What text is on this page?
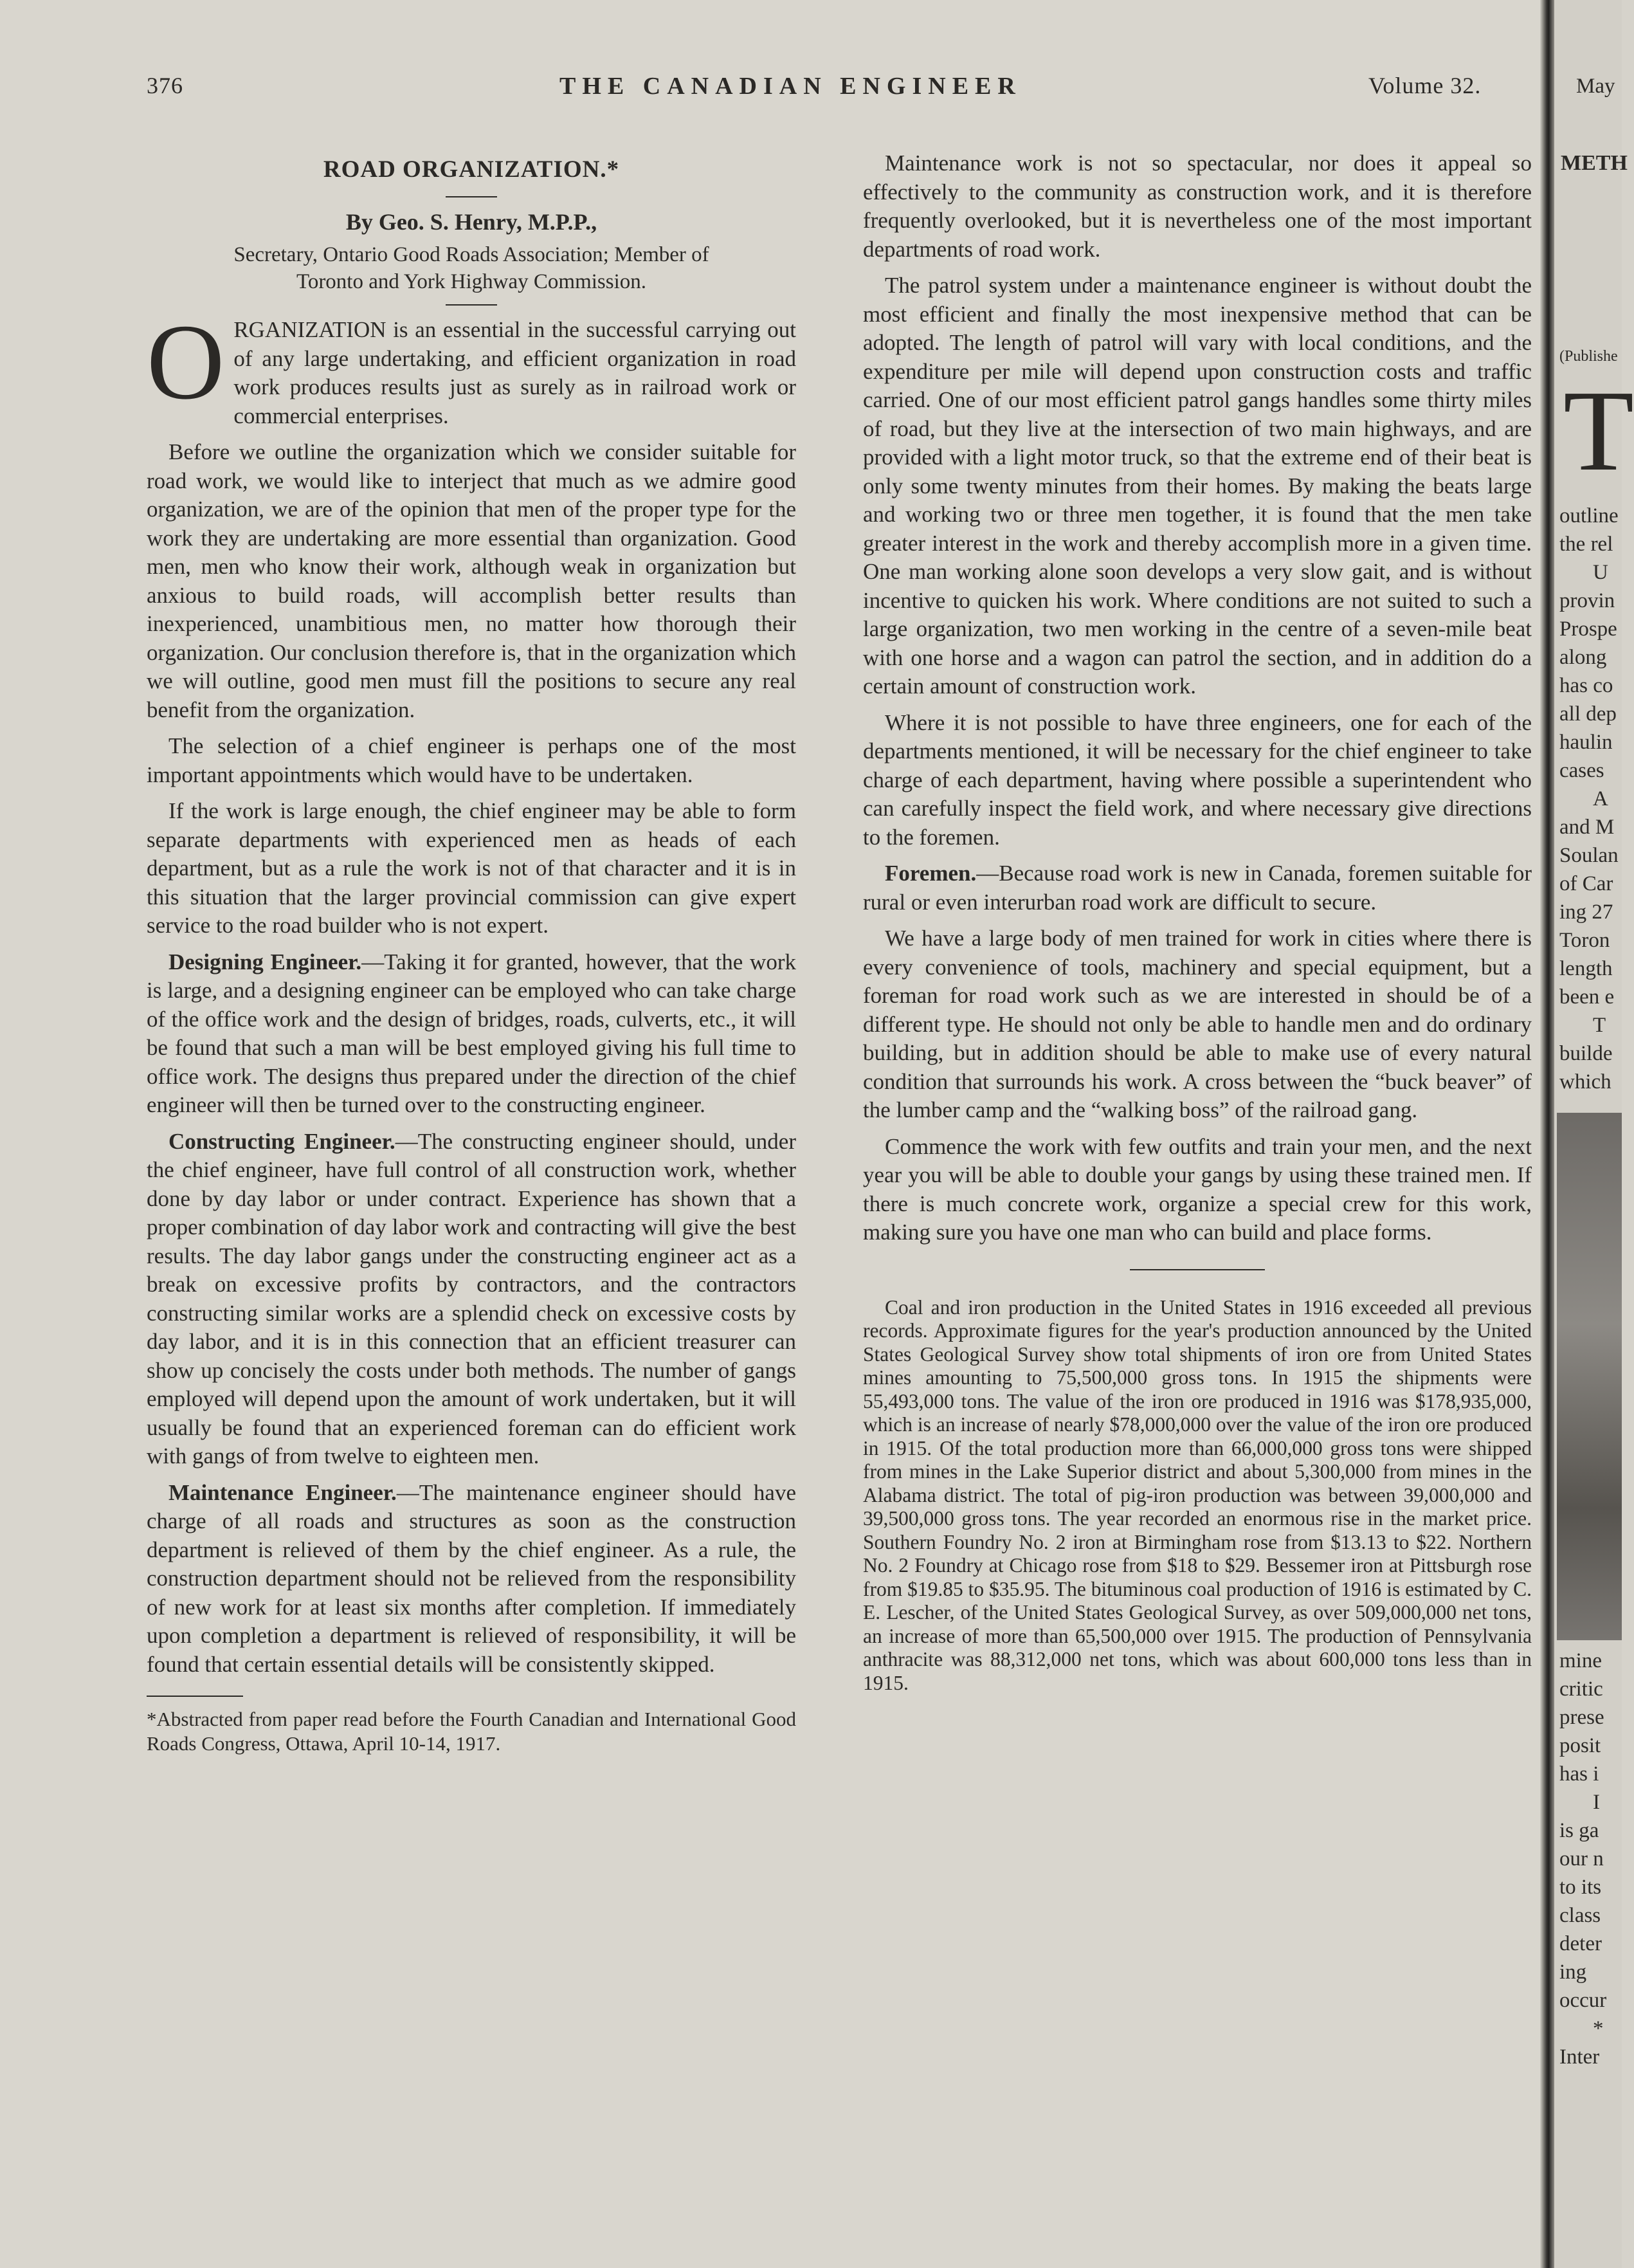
376	THE CANADIAN ENGINEER	Volume 32.
ROAD ORGANIZATION.*
By Geo. S. Henry, M.P.P.,
Secretary, Ontario Good Roads Association; Member of
Toronto and York Highway Commission.

ORGANIZATION is an essential in the successful carrying out of any large undertaking, and efficient organization in road work produces results just as surely as in railroad work or commercial enterprises.

Before we outline the organization which we consider suitable for road work, we would like to interject that much as we admire good organization, we are of the opinion that men of the proper type for the work they are undertaking are more essential than organization. Good men, men who know their work, although weak in organization but anxious to build roads, will accomplish better results than inexperienced, unambitious men, no matter how thorough their organization. Our conclusion therefore is, that in the organization which we will outline, good men must fill the positions to secure any real benefit from the organization.

The selection of a chief engineer is perhaps one of the most important appointments which would have to be undertaken.

If the work is large enough, the chief engineer may be able to form separate departments with experienced men as heads of each department, but as a rule the work is not of that character and it is in this situation that the larger provincial commission can give expert service to the road builder who is not expert.

Designing Engineer.—Taking it for granted, however, that the work is large, and a designing engineer can be employed who can take charge of the office work and the design of bridges, roads, culverts, etc., it will be found that such a man will be best employed giving his full time to office work. The designs thus prepared under the direction of the chief engineer will then be turned over to the constructing engineer.

Constructing Engineer.—The constructing engineer should, under the chief engineer, have full control of all construction work, whether done by day labor or under contract. Experience has shown that a proper combination of day labor work and contracting will give the best results. The day labor gangs under the constructing engineer act as a break on excessive profits by contractors, and the contractors constructing similar works are a splendid check on excessive costs by day labor, and it is in this connection that an efficient treasurer can show up concisely the costs under both methods. The number of gangs employed will depend upon the amount of work undertaken, but it will usually be found that an experienced foreman can do efficient work with gangs of from twelve to eighteen men.

Maintenance Engineer.—The maintenance engineer should have charge of all roads and structures as soon as the construction department is relieved of them by the chief engineer. As a rule, the construction department should not be relieved from the responsibility of new work for at least six months after completion. If immediately upon completion a department is relieved of responsibility, it will be found that certain essential details will be consistently skipped.

*Abstracted from paper read before the Fourth Canadian and International Good Roads Congress, Ottawa, April 10-14, 1917.

Maintenance work is not so spectacular, nor does it appeal so effectively to the community as construction work, and it is therefore frequently overlooked, but it is nevertheless one of the most important departments of road work.

The patrol system under a maintenance engineer is without doubt the most efficient and finally the most inexpensive method that can be adopted. The length of patrol will vary with local conditions, and the expenditure per mile will depend upon construction costs and traffic carried. One of our most efficient patrol gangs handles some thirty miles of road, but they live at the intersection of two main highways, and are provided with a light motor truck, so that the extreme end of their beat is only some twenty minutes from their homes. By making the beats large and working two or three men together, it is found that the men take greater interest in the work and thereby accomplish more in a given time. One man working alone soon develops a very slow gait, and is without incentive to quicken his work. Where conditions are not suited to such a large organization, two men working in the centre of a seven-mile beat with one horse and a wagon can patrol the section, and in addition do a certain amount of construction work.

Where it is not possible to have three engineers, one for each of the departments mentioned, it will be necessary for the chief engineer to take charge of each department, having where possible a superintendent who can carefully inspect the field work, and where necessary give directions to the foremen.

Foremen.—Because road work is new in Canada, foremen suitable for rural or even interurban road work are difficult to secure.

We have a large body of men trained for work in cities where there is every convenience of tools, machinery and special equipment, but a foreman for road work such as we are interested in should be of a different type. He should not only be able to handle men and do ordinary building, but in addition should be able to make use of every natural condition that surrounds his work. A cross between the “buck beaver” of the lumber camp and the “walking boss” of the railroad gang.

Commence the work with few outfits and train your men, and the next year you will be able to double your gangs by using these trained men. If there is much concrete work, organize a special crew for this work, making sure you have one man who can build and place forms.

Coal and iron production in the United States in 1916 exceeded all previous records. Approximate figures for the year's production announced by the United States Geological Survey show total shipments of iron ore from United States mines amounting to 75,500,000 gross tons. In 1915 the shipments were 55,493,000 tons. The value of the iron ore produced in 1916 was $178,935,000, which is an increase of nearly $78,000,000 over the value of the iron ore produced in 1915. Of the total production more than 66,000,000 gross tons were shipped from mines in the Lake Superior district and about 5,300,000 from mines in the Alabama district. The total of pig-iron production was between 39,000,000 and 39,500,000 gross tons. The year recorded an enormous rise in the market price. Southern Foundry No. 2 iron at Birmingham rose from $13.13 to $22. Northern No. 2 Foundry at Chicago rose from $18 to $29. Bessemer iron at Pittsburgh rose from $19.85 to $35.95. The bituminous coal production of 1916 is estimated by C. E. Lescher, of the United States Geological Survey, as over 509,000,000 net tons, an increase of more than 65,500,000 over 1915. The production of Pennsylvania anthracite was 88,312,000 net tons, which was about 600,000 tons less than in 1915.

May
METH
(Publishe
T
outline
the rel
U
provin
Prospe
along
has co
all dep
haulin
cases
A
and M
Soulan
of Car
ing 27
Toron
length
been e
T
builde
which
mine
critic
prese
posit
has i
I
is ga
our n
to its
class
deter
ing
occur
*
Inter
